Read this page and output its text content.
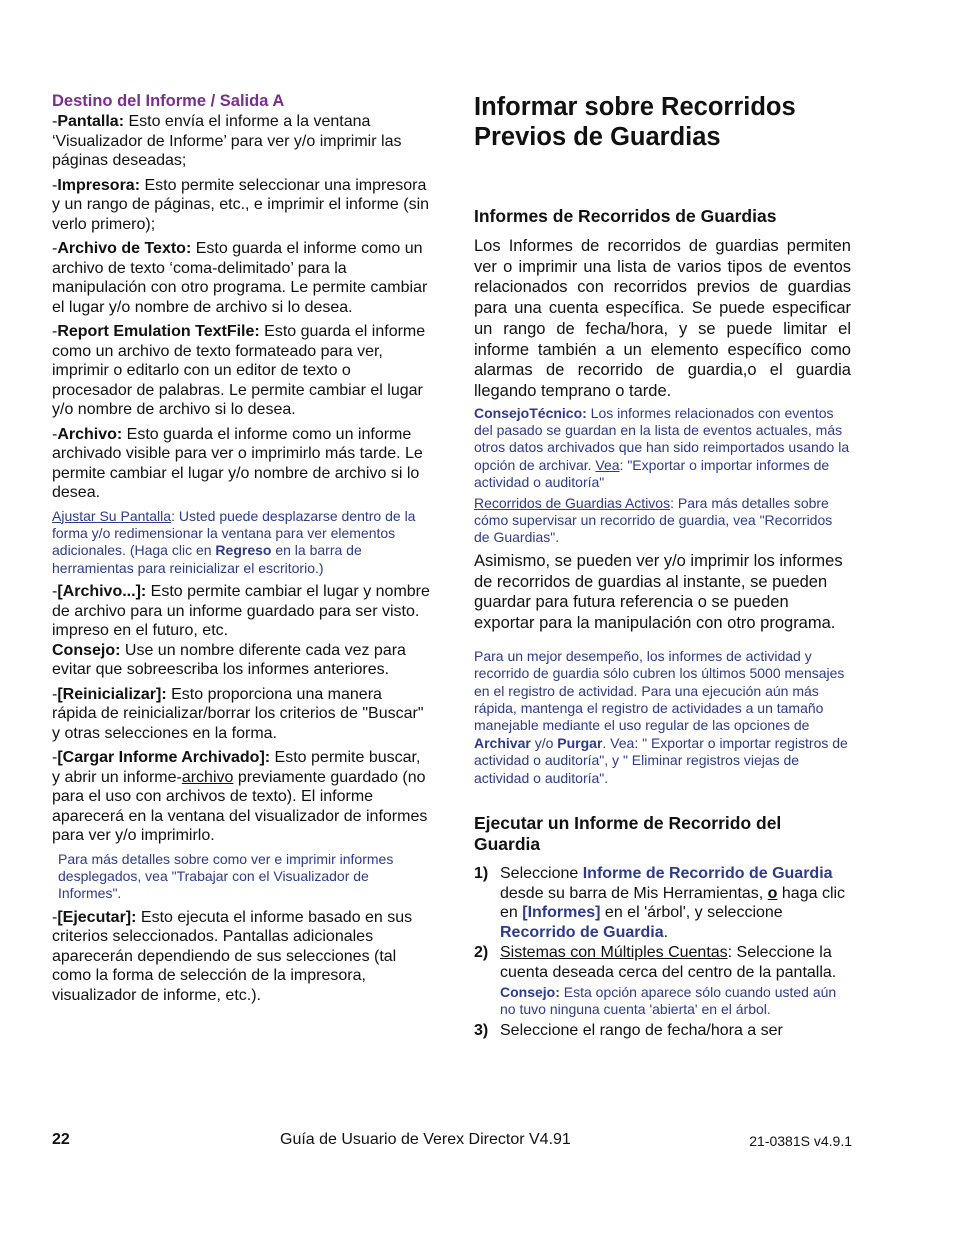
Destino del Informe / Salida A

-Pantalla: Esto envía el informe a la ventana ‘Visualizador de Informe’ para ver y/o imprimir las páginas deseadas;

-Impresora: Esto permite seleccionar una impresora y un rango de páginas, etc., e imprimir el informe (sin verlo primero);

-Archivo de Texto: Esto guarda el informe como un archivo de texto ‘coma-delimitado’ para la manipulación con otro programa. Le permite cambiar el lugar y/o nombre de archivo si lo desea.

-Report Emulation TextFile: Esto guarda el informe como un archivo de texto formateado para ver, imprimir o editarlo con un editor de texto o procesador de palabras. Le permite cambiar el lugar y/o nombre de archivo si lo desea.

-Archivo: Esto guarda el informe como un informe archivado visible para ver o imprimirlo más tarde. Le permite cambiar el lugar y/o nombre de archivo si lo desea.

Ajustar Su Pantalla: Usted puede desplazarse dentro de la forma y/o redimensionar la ventana para ver elementos adicionales. (Haga clic en Regreso en la barra de herramientas para reinicializar el escritorio.)

-[Archivo...]: Esto permite cambiar el lugar y nombre de archivo para un informe guardado para ser visto. impreso en el futuro, etc.

Consejo: Use un nombre diferente cada vez para evitar que sobreescriba los informes anteriores.

-[Reinicializar]: Esto proporciona una manera rápida de reinicializar/borrar los criterios de "Buscar" y otras selecciones en la forma.

-[Cargar Informe Archivado]: Esto permite buscar, y abrir un informe-archivo previamente guardado (no para el uso con archivos de texto). El informe aparecerá en la ventana del visualizador de informes para ver y/o imprimirlo.

Para más detalles sobre como ver e imprimir informes desplegados, vea "Trabajar con el Visualizador de Informes".

-[Ejecutar]: Esto ejecuta el informe basado en sus criterios seleccionados. Pantallas adicionales aparecerán dependiendo de sus selecciones (tal como la forma de selección de la impresora, visualizador de informe, etc.).

Informar sobre Recorridos
Previos de Guardias

Informes de Recorridos de Guardias

Los Informes de recorridos de guardias permiten ver o imprimir una lista de varios tipos de eventos relacionados con recorridos previos de guardias para una cuenta específica. Se puede especificar un rango de fecha/hora, y se puede limitar el informe también a un elemento específico como alarmas de recorrido de guardia,o el guardia llegando temprano o tarde.

ConsejoTécnico: Los informes relacionados con eventos del pasado se guardan en la lista de eventos actuales, más otros datos archivados que han sido reimportados usando la opción de archivar. Vea: "Exportar o importar informes de actividad o auditoría"

Recorridos de Guardias Activos: Para más detalles sobre cómo supervisar un recorrido de guardia, vea "Recorridos de Guardias".

Asimismo, se pueden ver y/o imprimir los informes de recorridos de guardias al instante, se pueden guardar para futura referencia o se pueden exportar para la manipulación con otro programa.

Para un mejor desempeño, los informes de actividad y recorrido de guardia sólo cubren los últimos 5000 mensajes en el registro de actividad. Para una ejecución aún más rápida, mantenga el registro de actividades a un tamaño manejable mediante el uso regular de las opciones de Archivar y/o Purgar. Vea: " Exportar o importar registros de actividad o auditoría", y " Eliminar registros viejas de actividad o auditoría".

Ejecutar un Informe de Recorrido del Guardia

1) Seleccione Informe de Recorrido de Guardia desde su barra de Mis Herramientas, o haga clic en [Informes] en el 'árbol', y seleccione Recorrido de Guardia.
2) Sistemas con Múltiples Cuentas: Seleccione la cuenta deseada cerca del centro de la pantalla.
Consejo: Esta opción aparece sólo cuando usted aún no tuvo ninguna cuenta 'abierta' en el árbol.
3) Seleccione el rango de fecha/hora a ser
22	Guía de Usuario de Verex Director V4.91	21-0381S v4.9.1
